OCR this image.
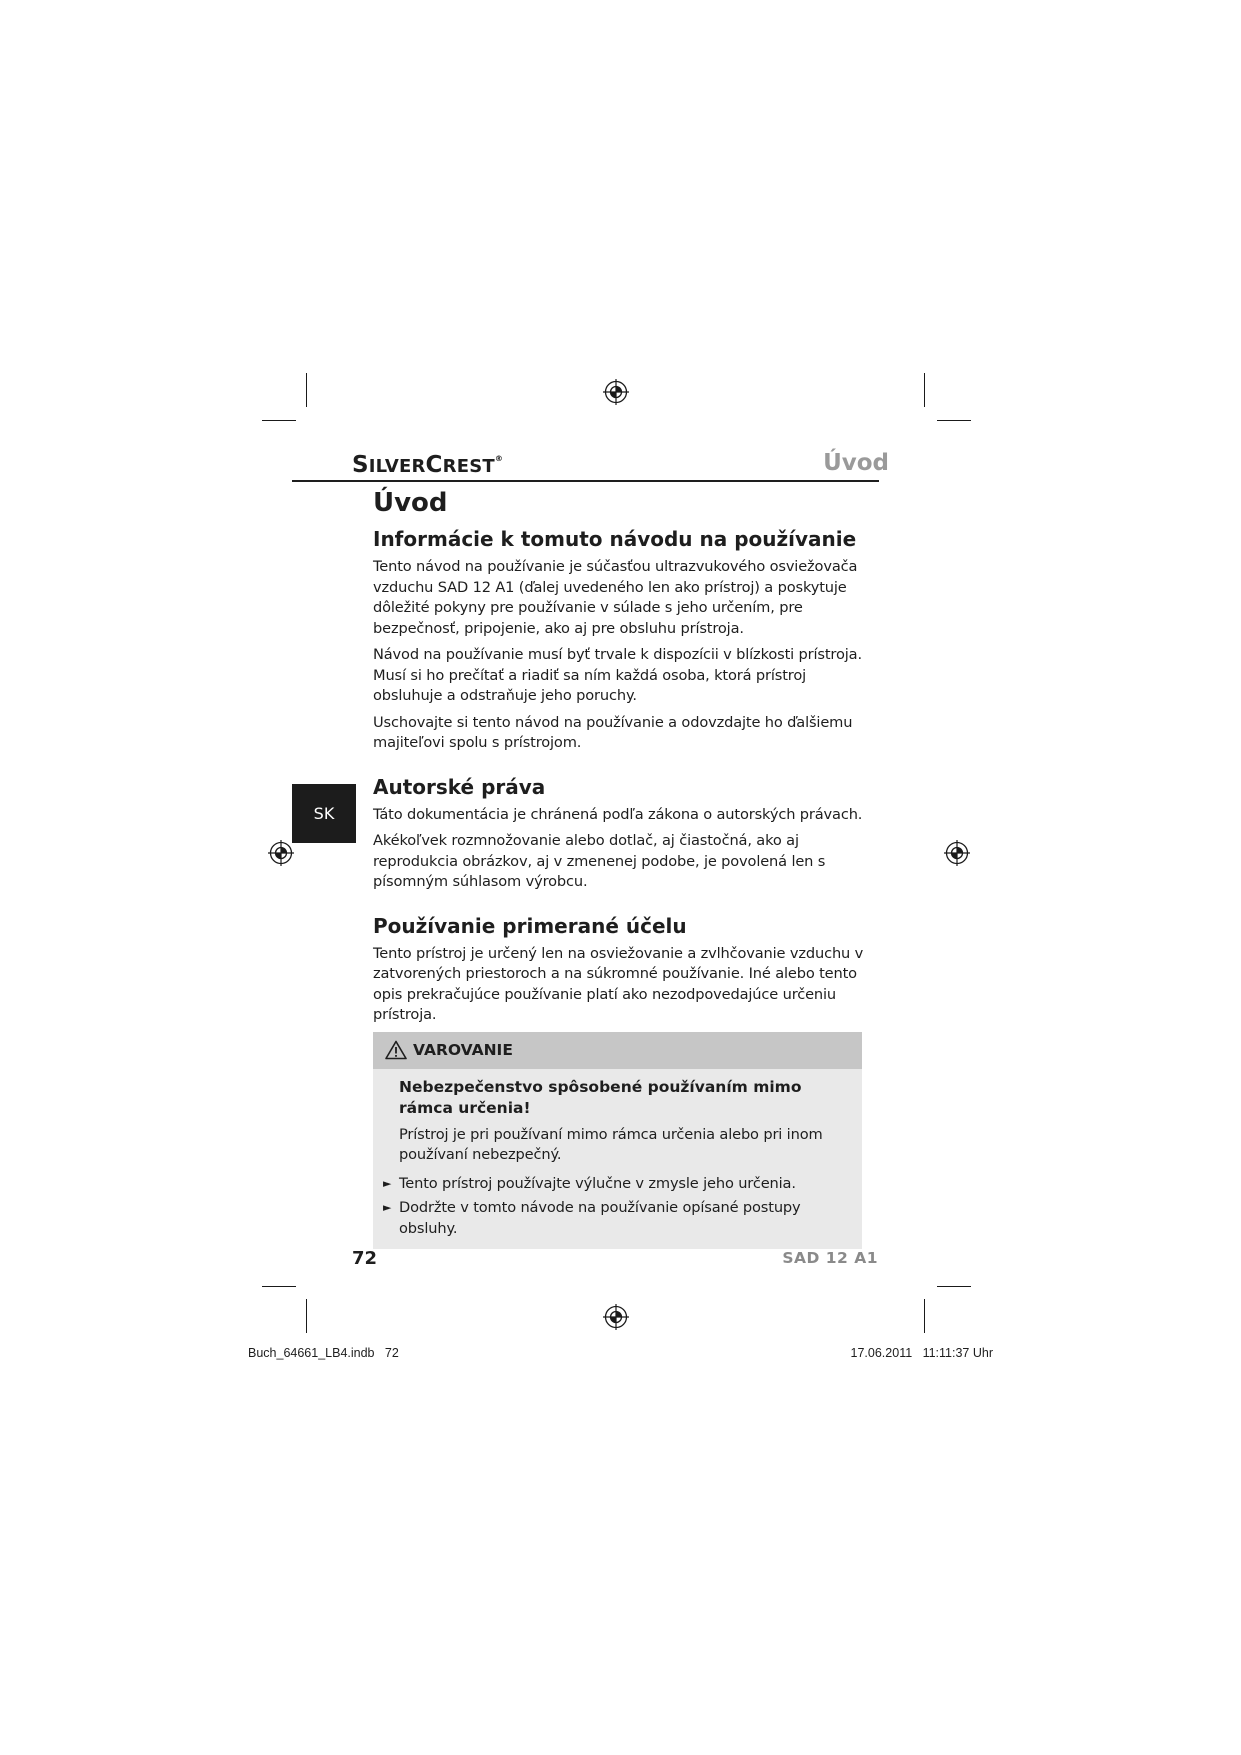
SILVERCREST®	Úvod
SK
Úvod
Informácie k tomuto návodu na používanie

Tento návod na používanie je súčasťou ultrazvukového osviežovača vzduchu SAD 12 A1 (ďalej uvedeného len ako prístroj) a poskytuje dôležité pokyny pre používanie v súlade s jeho určením, pre bezpečnosť, pripojenie, ako aj pre obsluhu prístroja.

Návod na používanie musí byť trvale k dispozícii v blízkosti prístroja. Musí si ho prečítať a riadiť sa ním každá osoba, ktorá prístroj obsluhuje a odstraňuje jeho poruchy.

Uschovajte si tento návod na používanie a odovzdajte ho ďalšiemu majiteľovi spolu s prístrojom.

Autorské práva

Táto dokumentácia je chránená podľa zákona o autorských právach.

Akékoľvek rozmnožovanie alebo dotlač, aj čiastočná, ako aj reprodukcia obrázkov, aj v zmenenej podobe, je povolená len s písomným súhlasom výrobcu.

Používanie primerané účelu

Tento prístroj je určený len na osviežovanie a zvlhčovanie vzduchu v zatvorených priestoroch a na súkromné používanie. Iné alebo tento opis prekračujúce používanie platí ako nezodpovedajúce určeniu prístroja.

VAROVANIE
Nebezpečenstvo spôsobené používaním mimo rámca určenia!

Prístroj je pri používaní mimo rámca určenia alebo pri inom používaní nebezpečný.

► Tento prístroj používajte výlučne v zmysle jeho určenia.
► Dodržte v tomto návode na používanie opísané postupy obsluhy.
72	SAD 12 A1
Buch_64661_LB4.indb   72	17.06.2011   11:11:37 Uhr
